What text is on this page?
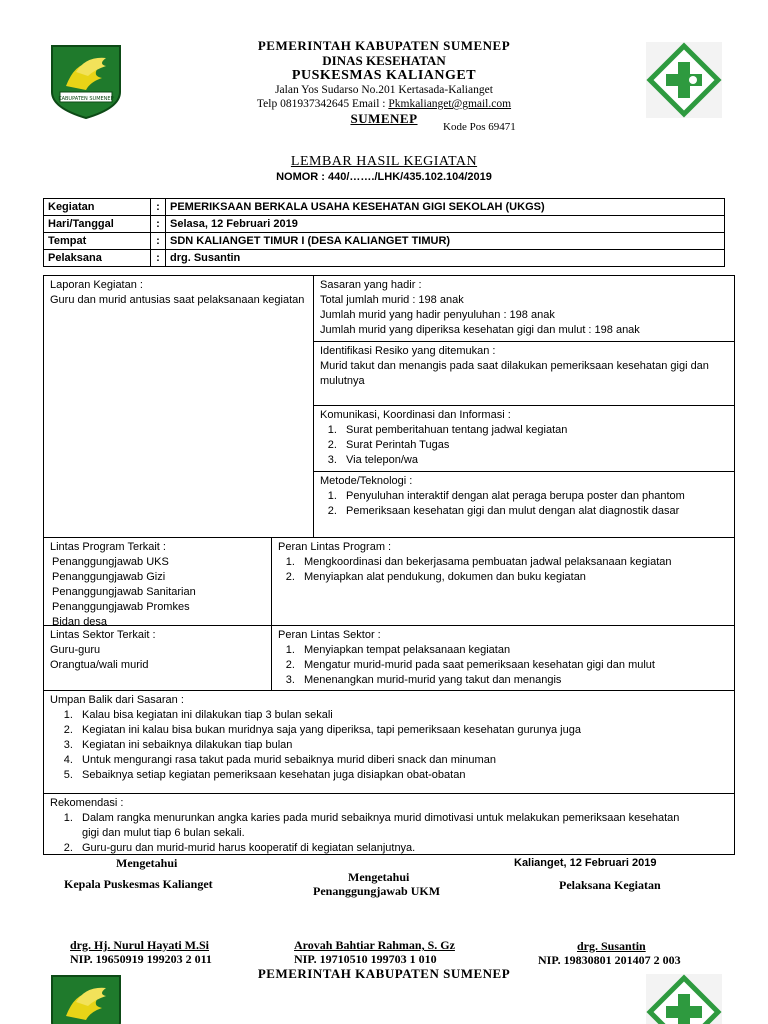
KABUPATEN SUMENEP
PEMERINTAH KABUPATEN SUMENEP
DINAS KESEHATAN
PUSKESMAS KALIANGET
Jalan Yos Sudarso No.201 Kertasada-Kalianget
Telp 081937342645 Email : Pkmkalianget@gmail.com
SUMENEP
Kode Pos 69471
LEMBAR HASIL KEGIATAN
NOMOR : 440/……./LHK/435.102.104/2019
Kegiatan	:	PEMERIKSAAN BERKALA USAHA KESEHATAN GIGI SEKOLAH (UKGS)
Hari/Tanggal	:	Selasa, 12 Februari 2019
Tempat	:	SDN KALIANGET TIMUR I (DESA KALIANGET TIMUR)
Pelaksana	:	drg. Susantin
Laporan Kegiatan :
Guru dan murid antusias saat pelaksanaan kegiatan
Sasaran yang hadir :
Total jumlah murid : 198 anak
Jumlah murid yang hadir penyuluhan : 198 anak
Jumlah murid yang diperiksa kesehatan gigi dan mulut : 198 anak
Identifikasi Resiko yang ditemukan :
Murid takut dan menangis pada saat dilakukan pemeriksaan kesehatan gigi dan mulutnya
Komunikasi, Koordinasi dan Informasi :
1. Surat pemberitahuan tentang jadwal kegiatan
2. Surat Perintah Tugas
3. Via telepon/wa
Metode/Teknologi :
1. Penyuluhan interaktif dengan alat peraga berupa poster dan phantom
2. Pemeriksaan kesehatan gigi dan mulut dengan alat diagnostik dasar
Lintas Program Terkait :
Penanggungjawab UKS
Penanggungjawab Gizi
Penanggungjawab Sanitarian
Penanggungjawab Promkes
Bidan desa
Peran Lintas Program :
1. Mengkoordinasi dan bekerjasama pembuatan jadwal pelaksanaan kegiatan
2. Menyiapkan alat pendukung, dokumen dan buku kegiatan
Lintas Sektor Terkait :
Guru-guru
Orangtua/wali murid
Peran Lintas Sektor :
1. Menyiapkan tempat pelaksanaan kegiatan
2. Mengatur murid-murid pada saat pemeriksaan kesehatan gigi dan mulut
3. Menenangkan murid-murid yang takut dan menangis
Umpan Balik dari Sasaran :
1. Kalau bisa kegiatan ini dilakukan tiap 3 bulan sekali
2. Kegiatan ini kalau bisa bukan muridnya saja yang diperiksa, tapi pemeriksaan kesehatan gurunya juga
3. Kegiatan ini sebaiknya dilakukan tiap bulan
4. Untuk mengurangi rasa takut pada murid sebaiknya murid diberi snack dan minuman
5. Sebaiknya setiap kegiatan pemeriksaan kesehatan juga disiapkan obat-obatan
Rekomendasi :
1. Dalam rangka menurunkan angka karies pada murid sebaiknya murid dimotivasi untuk melakukan pemeriksaan kesehatan gigi dan mulut tiap 6 bulan sekali.
2. Guru-guru dan murid-murid harus kooperatif di kegiatan selanjutnya.
Mengetahui
Kepala Puskesmas Kalianget	Mengetahui
Penanggungjawab UKM
Kalianget, 12 Februari 2019
Pelaksana Kegiatan
drg. Hj. Nurul Hayati M.Si
NIP. 19650919 199203 2 011
Arovah Bahtiar Rahman, S. Gz
NIP. 19710510 199703 1 010
drg. Susantin
NIP. 19830801 201407 2 003
PEMERINTAH KABUPATEN SUMENEP
